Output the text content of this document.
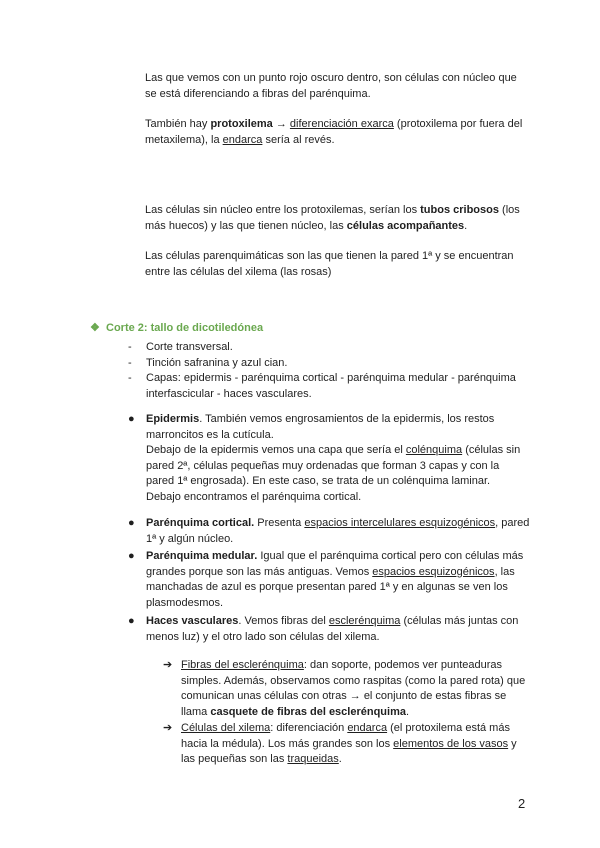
Las que vemos con un punto rojo oscuro dentro, son células con núcleo que se está diferenciando a fibras del parénquima.

También hay protoxilema → diferenciación exarca (protoxilema por fuera del metaxilema), la endarca sería al revés.

Las células sin núcleo entre los protoxilemas, serían los tubos cribosos (los más huecos) y las que tienen núcleo, las células acompañantes.

Las células parenquimáticas son las que tienen la pared 1ª y se encuentran entre las células del xilema (las rosas)

❖ Corte 2: tallo de dicotiledónea
- Corte transversal.
- Tinción safranina y azul cian.
- Capas: epidermis - parénquima cortical - parénquima medular - parénquima interfascicular - haces vasculares.
●	Epidermis. También vemos engrosamientos de la epidermis, los restos marroncitos es la cutícula.
Debajo de la epidermis vemos una capa que sería el colénquima (células sin pared 2ª, células pequeñas muy ordenadas que forman 3 capas y con la pared 1ª engrosada). En este caso, se trata de un colénquima laminar.
Debajo encontramos el parénquima cortical.
●	Parénquima cortical. Presenta espacios intercelulares esquizogénicos, pared 1ª y algún núcleo.
●	Parénquima medular. Igual que el parénquima cortical pero con células más grandes porque son las más antiguas. Vemos espacios esquizogénicos, las manchadas de azul es porque presentan pared 1ª y en algunas se ven los plasmodesmos.
●	Haces vasculares. Vemos fibras del esclerénquima (células más juntas con menos luz) y el otro lado son células del xilema.
➔ Fibras del esclerénquima: dan soporte, podemos ver punteaduras simples. Además, observamos como raspitas (como la pared rota) que comunican unas células con otras → el conjunto de estas fibras se llama casquete de fibras del esclerénquima.
➔ Células del xilema: diferenciación endarca (el protoxilema está más hacia la médula). Los más grandes son los elementos de los vasos y las pequeñas son las traqueidas.
2
